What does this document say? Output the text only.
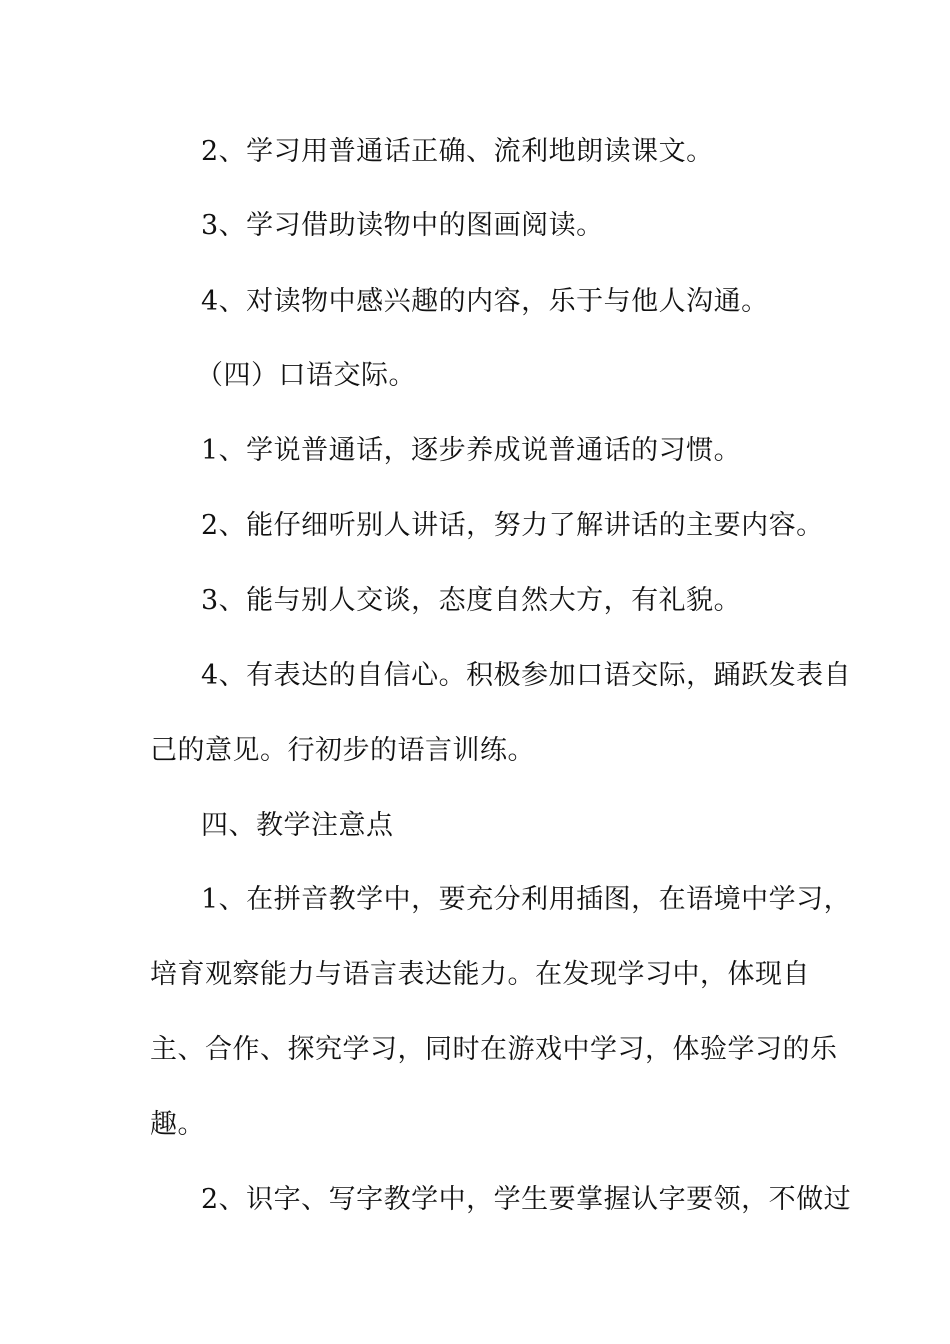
2、学习用普通话正确、流利地朗读课文。
3、学习借助读物中的图画阅读。
4、对读物中感兴趣的内容，乐于与他人沟通。
（四）口语交际。
1、学说普通话，逐步养成说普通话的习惯。
2、能仔细听别人讲话，努力了解讲话的主要内容。
3、能与别人交谈，态度自然大方，有礼貌。
4、有表达的自信心。积极参加口语交际，踊跃发表自
己的意见。行初步的语言训练。
四、教学注意点
1、在拼音教学中，要充分利用插图，在语境中学习，
培育观察能力与语言表达能力。在发现学习中，体现自
主、合作、探究学习，同时在游戏中学习，体验学习的乐
趣。
2、识字、写字教学中，学生要掌握认字要领，不做过
